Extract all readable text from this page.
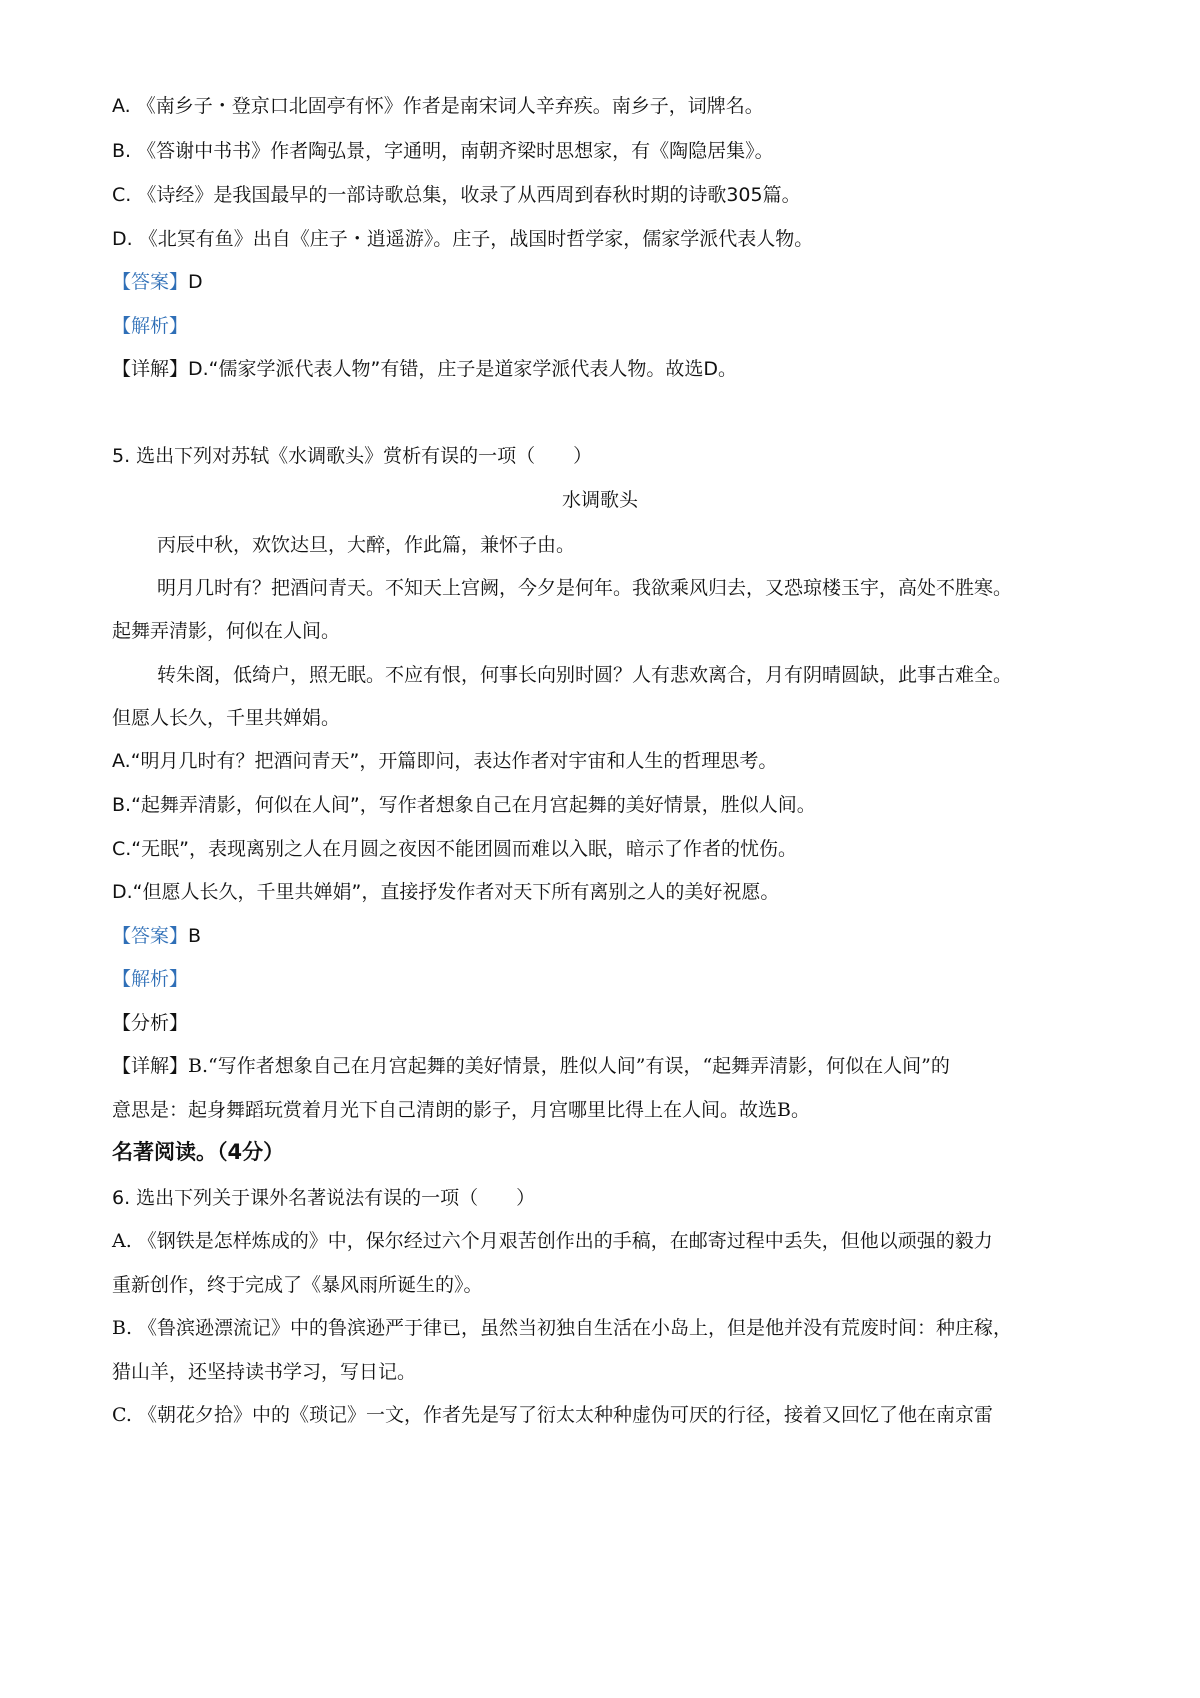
A. 《南乡子・登京口北固亭有怀》作者是南宋词人辛弃疾。南乡子，词牌名。
B. 《答谢中书书》作者陶弘景，字通明，南朝齐梁时思想家，有《陶隐居集》。
C. 《诗经》是我国最早的一部诗歌总集，收录了从西周到春秋时期的诗歌305篇。
D. 《北冥有鱼》出自《庄子・逍遥游》。庄子，战国时哲学家，儒家学派代表人物。
【答案】D
【解析】
【详解】D.“儒家学派代表人物”有错，庄子是道家学派代表人物。故选D。
5. 选出下列对苏轼《水调歌头》赏析有误的一项（　　）
水调歌头
丙辰中秋，欢饮达旦，大醉，作此篇，兼怀子由。
明月几时有？把酒问青天。不知天上宫阙，今夕是何年。我欲乘风归去，又恐琼楼玉宇，高处不胜寒。
起舞弄清影，何似在人间。
转朱阁，低绮户，照无眠。不应有恨，何事长向别时圆？人有悲欢离合，月有阴晴圆缺，此事古难全。
但愿人长久，千里共婵娟。
A.“明月几时有？把酒问青天”，开篇即问，表达作者对宇宙和人生的哲理思考。
B.“起舞弄清影，何似在人间”，写作者想象自己在月宫起舞的美好情景，胜似人间。
C.“无眠”，表现离别之人在月圆之夜因不能团圆而难以入眠，暗示了作者的忧伤。
D.“但愿人长久，千里共婵娟”，直接抒发作者对天下所有离别之人的美好祝愿。
【答案】B
【解析】
【分析】
【详解】B.“写作者想象自己在月宫起舞的美好情景，胜似人间”有误，“起舞弄清影，何似在人间”的
意思是：起身舞蹈玩赏着月光下自己清朗的影子，月宫哪里比得上在人间。故选B。
名著阅读。（4分）
6. 选出下列关于课外名著说法有误的一项（　　）
A. 《钢铁是怎样炼成的》中，保尔经过六个月艰苦创作出的手稿，在邮寄过程中丢失，但他以顽强的毅力
重新创作，终于完成了《暴风雨所诞生的》。
B. 《鲁滨逊漂流记》中的鲁滨逊严于律已，虽然当初独自生活在小岛上，但是他并没有荒废时间：种庄稼，
猎山羊，还坚持读书学习，写日记。
C. 《朝花夕拾》中的《琐记》一文，作者先是写了衍太太种种虚伪可厌的行径，接着又回忆了他在南京雷
